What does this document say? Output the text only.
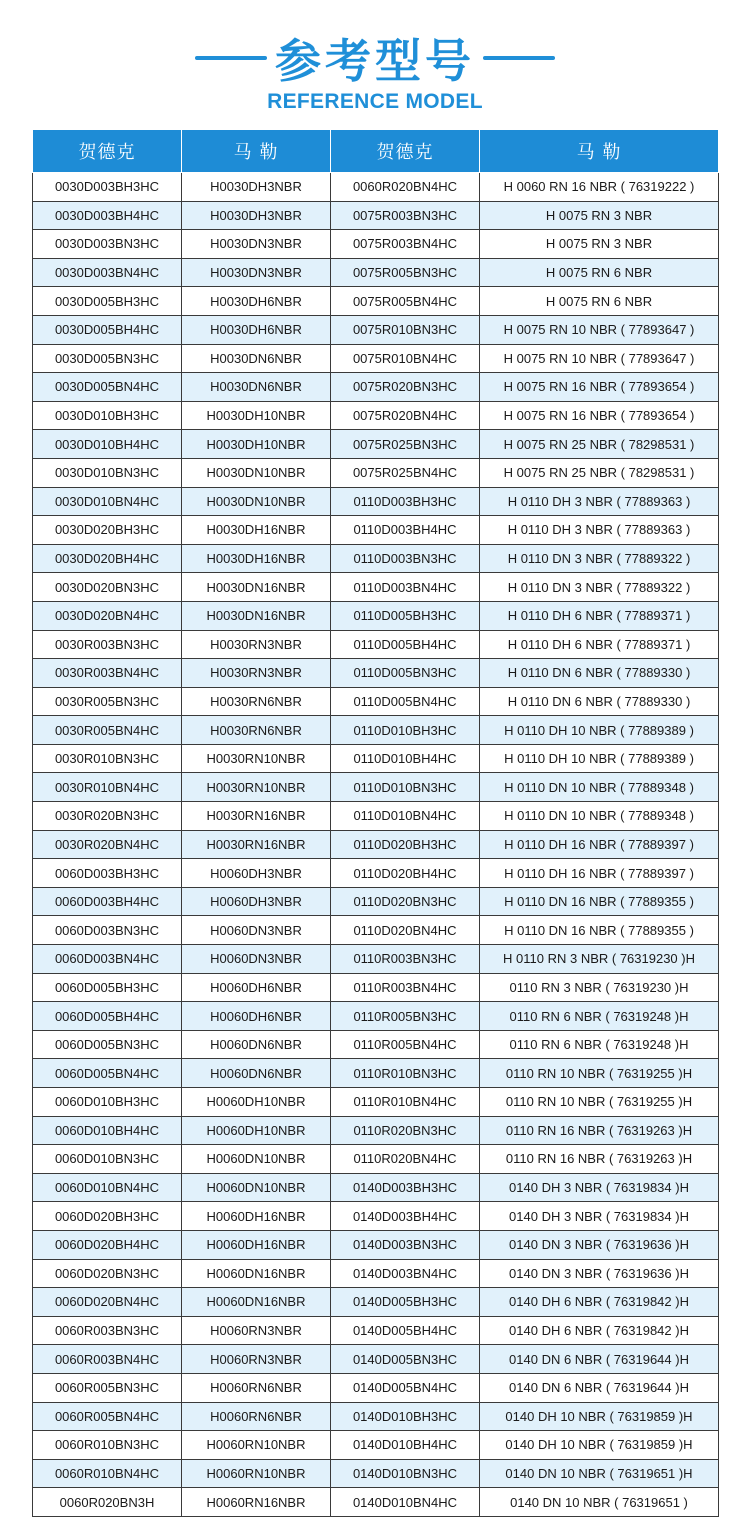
参考型号
REFERENCE MODEL
贺德克	马 勒	贺德克	马 勒
0030D003BH3HC	H0030DH3NBR	0060R020BN4HC	H 0060 RN 16 NBR ( 76319222 )
0030D003BH4HC	H0030DH3NBR	0075R003BN3HC	H 0075 RN 3 NBR
0030D003BN3HC	H0030DN3NBR	0075R003BN4HC	H 0075 RN 3 NBR
0030D003BN4HC	H0030DN3NBR	0075R005BN3HC	H 0075 RN 6 NBR
0030D005BH3HC	H0030DH6NBR	0075R005BN4HC	H 0075 RN 6 NBR
0030D005BH4HC	H0030DH6NBR	0075R010BN3HC	H 0075 RN 10 NBR ( 77893647 )
0030D005BN3HC	H0030DN6NBR	0075R010BN4HC	H 0075 RN 10 NBR ( 77893647 )
0030D005BN4HC	H0030DN6NBR	0075R020BN3HC	H 0075 RN 16 NBR ( 77893654 )
0030D010BH3HC	H0030DH10NBR	0075R020BN4HC	H 0075 RN 16 NBR ( 77893654 )
0030D010BH4HC	H0030DH10NBR	0075R025BN3HC	H 0075 RN 25 NBR ( 78298531 )
0030D010BN3HC	H0030DN10NBR	0075R025BN4HC	H 0075 RN 25 NBR ( 78298531 )
0030D010BN4HC	H0030DN10NBR	0110D003BH3HC	H 0110 DH 3 NBR ( 77889363 )
0030D020BH3HC	H0030DH16NBR	0110D003BH4HC	H 0110 DH 3 NBR ( 77889363 )
0030D020BH4HC	H0030DH16NBR	0110D003BN3HC	H 0110 DN 3 NBR ( 77889322 )
0030D020BN3HC	H0030DN16NBR	0110D003BN4HC	H 0110 DN 3 NBR ( 77889322 )
0030D020BN4HC	H0030DN16NBR	0110D005BH3HC	H 0110 DH 6 NBR ( 77889371 )
0030R003BN3HC	H0030RN3NBR	0110D005BH4HC	H 0110 DH 6 NBR ( 77889371 )
0030R003BN4HC	H0030RN3NBR	0110D005BN3HC	H 0110 DN 6 NBR ( 77889330 )
0030R005BN3HC	H0030RN6NBR	0110D005BN4HC	H 0110 DN 6 NBR ( 77889330 )
0030R005BN4HC	H0030RN6NBR	0110D010BH3HC	H 0110 DH 10 NBR ( 77889389 )
0030R010BN3HC	H0030RN10NBR	0110D010BH4HC	H 0110 DH 10 NBR ( 77889389 )
0030R010BN4HC	H0030RN10NBR	0110D010BN3HC	H 0110 DN 10 NBR ( 77889348 )
0030R020BN3HC	H0030RN16NBR	0110D010BN4HC	H 0110 DN 10 NBR ( 77889348 )
0030R020BN4HC	H0030RN16NBR	0110D020BH3HC	H 0110 DH 16 NBR ( 77889397 )
0060D003BH3HC	H0060DH3NBR	0110D020BH4HC	H 0110 DH 16 NBR ( 77889397 )
0060D003BH4HC	H0060DH3NBR	0110D020BN3HC	H 0110 DN 16 NBR ( 77889355 )
0060D003BN3HC	H0060DN3NBR	0110D020BN4HC	H 0110 DN 16 NBR ( 77889355 )
0060D003BN4HC	H0060DN3NBR	0110R003BN3HC	H 0110 RN 3 NBR ( 76319230 )H
0060D005BH3HC	H0060DH6NBR	0110R003BN4HC	0110 RN 3 NBR ( 76319230 )H
0060D005BH4HC	H0060DH6NBR	0110R005BN3HC	0110 RN 6 NBR ( 76319248 )H
0060D005BN3HC	H0060DN6NBR	0110R005BN4HC	0110 RN 6 NBR ( 76319248 )H
0060D005BN4HC	H0060DN6NBR	0110R010BN3HC	0110 RN 10 NBR ( 76319255 )H
0060D010BH3HC	H0060DH10NBR	0110R010BN4HC	0110 RN 10 NBR ( 76319255 )H
0060D010BH4HC	H0060DH10NBR	0110R020BN3HC	0110 RN 16 NBR ( 76319263 )H
0060D010BN3HC	H0060DN10NBR	0110R020BN4HC	0110 RN 16 NBR ( 76319263 )H
0060D010BN4HC	H0060DN10NBR	0140D003BH3HC	0140 DH 3 NBR ( 76319834 )H
0060D020BH3HC	H0060DH16NBR	0140D003BH4HC	0140 DH 3 NBR ( 76319834 )H
0060D020BH4HC	H0060DH16NBR	0140D003BN3HC	0140 DN 3 NBR ( 76319636 )H
0060D020BN3HC	H0060DN16NBR	0140D003BN4HC	0140 DN 3 NBR ( 76319636 )H
0060D020BN4HC	H0060DN16NBR	0140D005BH3HC	0140 DH 6 NBR ( 76319842 )H
0060R003BN3HC	H0060RN3NBR	0140D005BH4HC	0140 DH 6 NBR ( 76319842 )H
0060R003BN4HC	H0060RN3NBR	0140D005BN3HC	0140 DN 6 NBR ( 76319644 )H
0060R005BN3HC	H0060RN6NBR	0140D005BN4HC	0140 DN 6 NBR ( 76319644 )H
0060R005BN4HC	H0060RN6NBR	0140D010BH3HC	0140 DH 10 NBR ( 76319859 )H
0060R010BN3HC	H0060RN10NBR	0140D010BH4HC	0140 DH 10 NBR ( 76319859 )H
0060R010BN4HC	H0060RN10NBR	0140D010BN3HC	0140 DN 10 NBR ( 76319651 )H
0060R020BN3H	H0060RN16NBR	0140D010BN4HC	0140 DN 10 NBR ( 76319651 )
